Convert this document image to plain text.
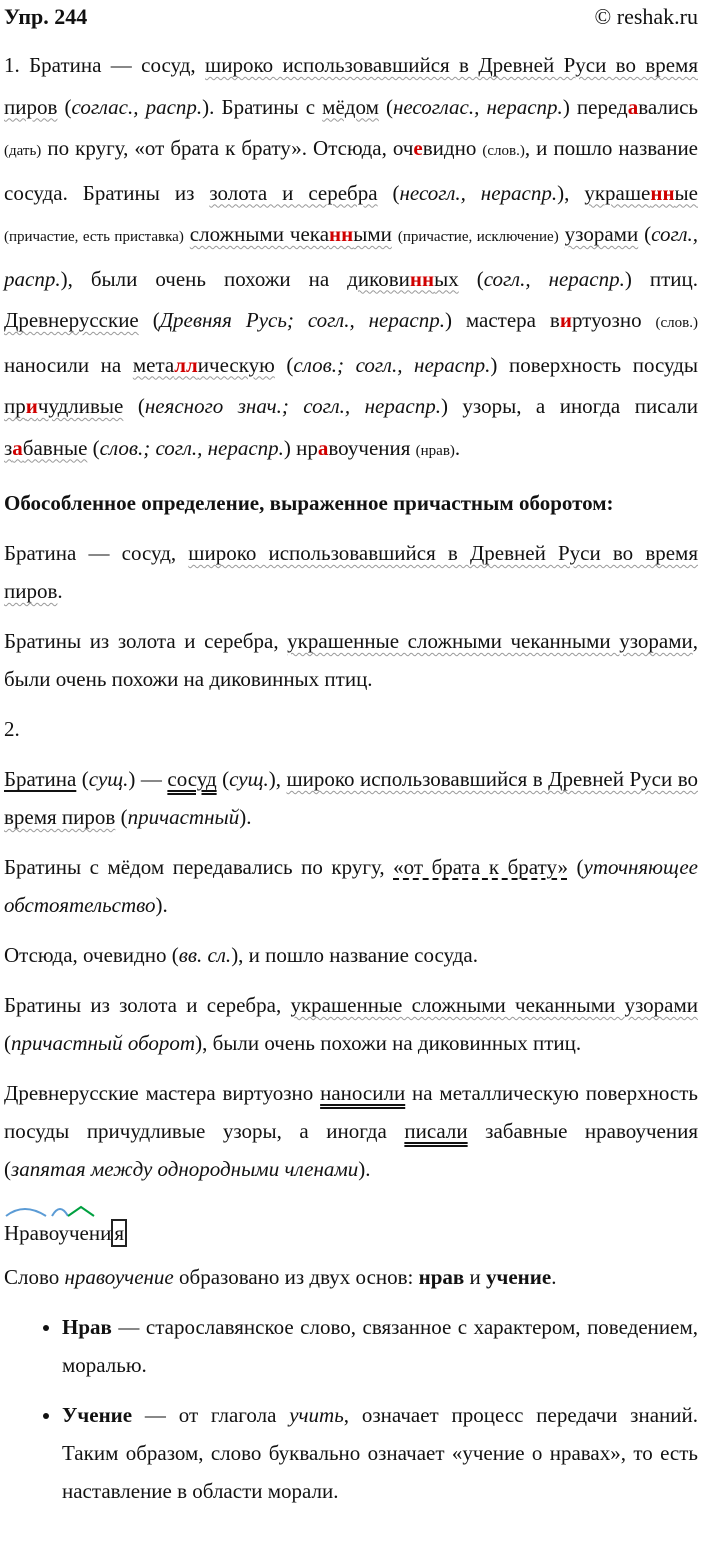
Упр. 244	© reshak.ru

1. Братина — сосуд, широко использовавшийся в Древней Руси во время пиров (соглас., распр.). Братины с мёдом (несоглас., нераспр.) передавались (дать) по кругу, «от брата к брату». Отсюда, очевидно (слов.), и пошло название сосуда. Братины из золота и серебра (несогл., нераспр.), украшенные (причастие, есть приставка) сложными чеканными (причастие, исключение) узорами (согл., распр.), были очень похожи на диковинных (согл., нераспр.) птиц. Древнерусские (Древняя Русь; согл., нераспр.) мастера виртуозно (слов.) наносили на металлическую (слов.; согл., нераспр.) поверхность посуды причудливые (неясного знач.; согл., нераспр.) узоры, а иногда писали забавные (слов.; согл., нераспр.) нравоучения (нрав).

Обособленное определение, выраженное причастным оборотом:

Братина — сосуд, широко использовавшийся в Древней Руси во время пиров.

Братины из золота и серебра, украшенные сложными чеканными узорами, были очень похожи на диковинных птиц.

2.

Братина (сущ.) — сосуд (сущ.), широко использовавшийся в Древней Руси во время пиров (причастный).

Братины с мёдом передавались по кругу, «от брата к брату» (уточняющее обстоятельство).

Отсюда, очевидно (вв. сл.), и пошло название сосуда.

Братины из золота и серебра, украшенные сложными чеканными узорами (причастный оборот), были очень похожи на диковинных птиц.

Древнерусские мастера виртуозно наносили на металлическую поверхность посуды причудливые узоры, а иногда писали забавные нравоучения (запятая между однородными членами).

Нравоучени я

Слово нравоучение образовано из двух основ: нрав и учение.

• Нрав — старославянское слово, связанное с характером, поведением, моралью.
• Учение — от глагола учить, означает процесс передачи знаний. Таким образом, слово буквально означает «учение о нравах», то есть наставление в области морали.
